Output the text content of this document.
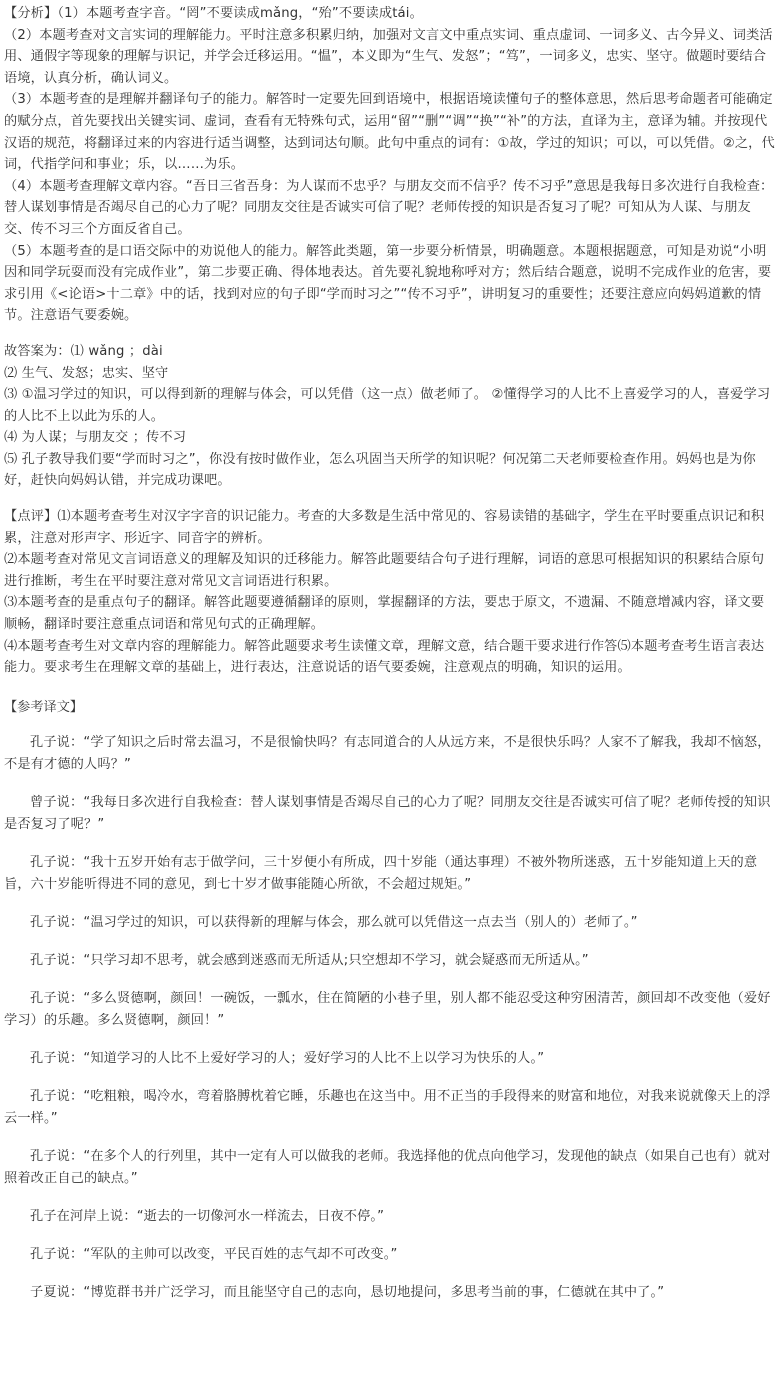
【分析】（1）本题考查字音。“罔”不要读成mǎng，“殆”不要读成tái。

（2）本题考查对文言实词的理解能力。平时注意多积累归纳，加强对文言文中重点实词、重点虚词、一词多义、古今异义、词类活用、通假字等现象的理解与识记，并学会迁移运用。“愠”，本义即为“生气、发怒”；“笃”，一词多义，忠实、坚守。做题时要结合语境，认真分析，确认词义。

（3）本题考查的是理解并翻译句子的能力。解答时一定要先回到语境中，根据语境读懂句子的整体意思，然后思考命题者可能确定的赋分点，首先要找出关键实词、虚词，查看有无特殊句式，运用“留”“删”“调”“换”“补”的方法，直译为主，意译为辅。并按现代汉语的规范，将翻译过来的内容进行适当调整，达到词达句顺。此句中重点的词有：①故，学过的知识；可以，可以凭借。②之，代词，代指学问和事业；乐，以……为乐。

（4）本题考查理解文章内容。“吾日三省吾身：为人谋而不忠乎？与朋友交而不信乎？传不习乎”意思是我每日多次进行自我检查：替人谋划事情是否竭尽自己的心力了呢？同朋友交往是否诚实可信了呢？老师传授的知识是否复习了呢？可知从为人谋、与朋友交、传不习三个方面反省自己。

（5）本题考查的是口语交际中的劝说他人的能力。解答此类题，第一步要分析情景，明确题意。本题根据题意，可知是劝说“小明因和同学玩耍而没有完成作业”，第二步要正确、得体地表达。首先要礼貌地称呼对方；然后结合题意，说明不完成作业的危害，要求引用《<论语>十二章》中的话，找到对应的句子即“学而时习之”“传不习乎”，讲明复习的重要性；还要注意应向妈妈道歉的情节。注意语气要委婉。

故答案为：⑴ wǎng ；dài

⑵ 生气、发怒；忠实、坚守

⑶ ①温习学过的知识，可以得到新的理解与体会，可以凭借（这一点）做老师了。 ②懂得学习的人比不上喜爱学习的人，喜爱学习的人比不上以此为乐的人。

⑷ 为人谋；与朋友交 ；传不习

⑸ 孔子教导我们要“学而时习之”，你没有按时做作业，怎么巩固当天所学的知识呢？何况第二天老师要检查作用。妈妈也是为你好，赶快向妈妈认错，并完成功课吧。

【点评】⑴本题考查考生对汉字字音的识记能力。考查的大多数是生活中常见的、容易读错的基础字，学生在平时要重点识记和积累，注意对形声字、形近字、同音字的辨析。

⑵本题考查对常见文言词语意义的理解及知识的迁移能力。解答此题要结合句子进行理解，词语的意思可根据知识的积累结合原句进行推断，考生在平时要注意对常见文言词语进行积累。

⑶本题考查的是重点句子的翻译。解答此题要遵循翻译的原则，掌握翻译的方法，要忠于原文，不遗漏、不随意增减内容，译文要顺畅，翻译时要注意重点词语和常见句式的正确理解。

⑷本题考查考生对文章内容的理解能力。解答此题要求考生读懂文章，理解文意，结合题干要求进行作答⑸本题考查考生语言表达能力。要求考生在理解文章的基础上，进行表达，注意说话的语气要委婉，注意观点的明确，知识的运用。

【参考译文】

孔子说：“学了知识之后时常去温习，不是很愉快吗？有志同道合的人从远方来，不是很快乐吗？人家不了解我，我却不恼怒，不是有才德的人吗？”

曾子说：“我每日多次进行自我检查：替人谋划事情是否竭尽自己的心力了呢？同朋友交往是否诚实可信了呢？老师传授的知识是否复习了呢？”

孔子说：“我十五岁开始有志于做学问，三十岁便小有所成，四十岁能（通达事理）不被外物所迷惑，五十岁能知道上天的意旨，六十岁能听得进不同的意见，到七十岁才做事能随心所欲，不会超过规矩。”

孔子说：“温习学过的知识，可以获得新的理解与体会，那么就可以凭借这一点去当（别人的）老师了。”

孔子说：“只学习却不思考，就会感到迷惑而无所适从;只空想却不学习，就会疑惑而无所适从。”

孔子说：“多么贤德啊，颜回！一碗饭，一瓢水，住在简陋的小巷子里，别人都不能忍受这种穷困清苦，颜回却不改变他（爱好学习）的乐趣。多么贤德啊，颜回！”

孔子说：“知道学习的人比不上爱好学习的人；爱好学习的人比不上以学习为快乐的人。”

孔子说：“吃粗粮，喝冷水，弯着胳膊枕着它睡，乐趣也在这当中。用不正当的手段得来的财富和地位，对我来说就像天上的浮云一样。”

孔子说：“在多个人的行列里，其中一定有人可以做我的老师。我选择他的优点向他学习，发现他的缺点（如果自己也有）就对照着改正自己的缺点。”

孔子在河岸上说：“逝去的一切像河水一样流去，日夜不停。”

孔子说：“军队的主帅可以改变，平民百姓的志气却不可改变。”

子夏说：“博览群书并广泛学习，而且能坚守自己的志向，恳切地提问，多思考当前的事，仁德就在其中了。”
